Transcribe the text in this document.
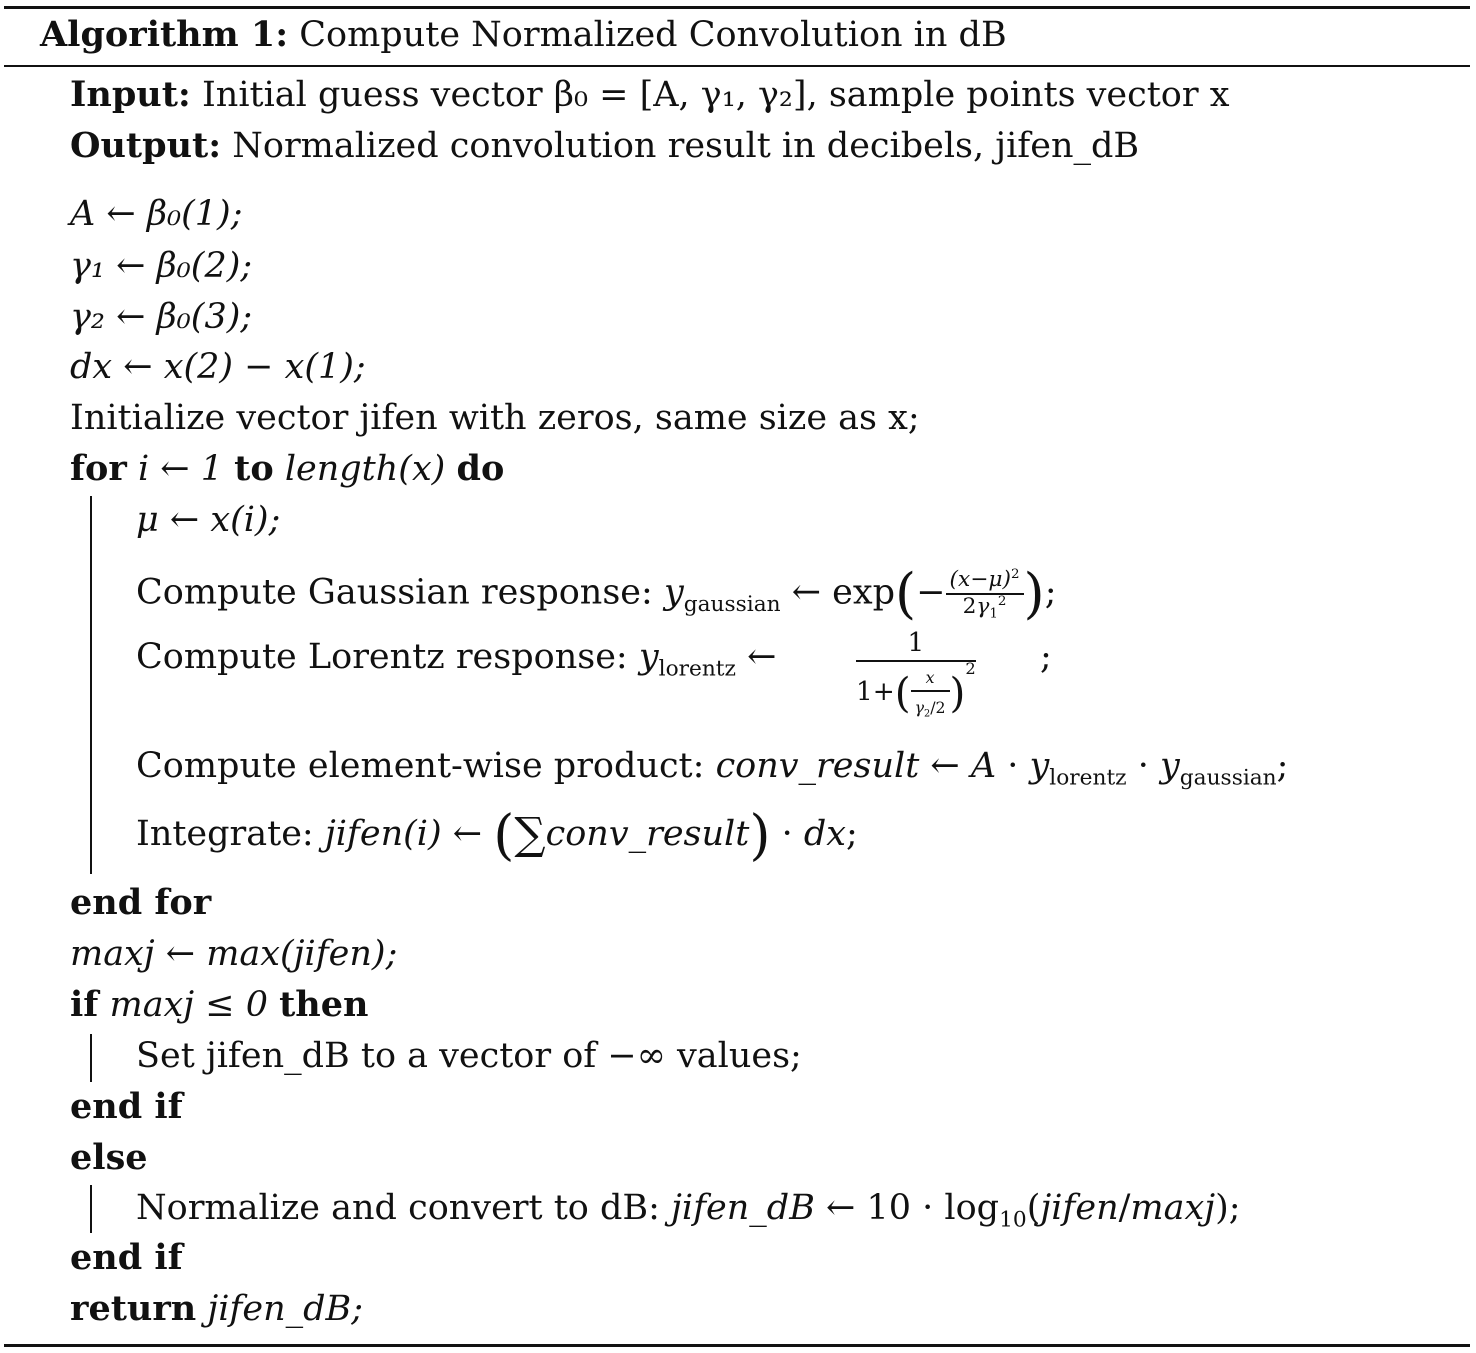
Algorithm 1: Compute Normalized Convolution in dB
Input: Initial guess vector β₀ = [A, γ₁, γ₂], sample points vector x
Output: Normalized convolution result in decibels, jifen_dB
A ← β₀(1);
γ₁ ← β₀(2);
γ₂ ← β₀(3);
dx ← x(2) − x(1);
Initialize vector jifen with zeros, same size as x;
for i ← 1 to length(x) do
μ ← x(i);
Compute Gaussian response: $y_{gaussian}$ ← $\exp(- \frac{(x-\mu)^2}{2\gamma_1^2}$ );
Compute Lorentz response: $y_{lorentz}$ ←	$\frac{1}{1+( \frac{x}{\gamma_2/2} )^2}$ ;
Compute element-wise product: conv_result ← $A \cdot y_{lorentz} \cdot y_{gaussian}$;
Integrate: jifen(i) ← (∑conv_result) · dx;
end for
maxj ← max(jifen);
if maxj ≤ 0 then
Set jifen_dB to a vector of −∞ values;
end if
else
Normalize and convert to dB: jifen_dB ← $10 \cdot \log_{10}(jifen/\max j)$;
end if
return jifen_dB;
